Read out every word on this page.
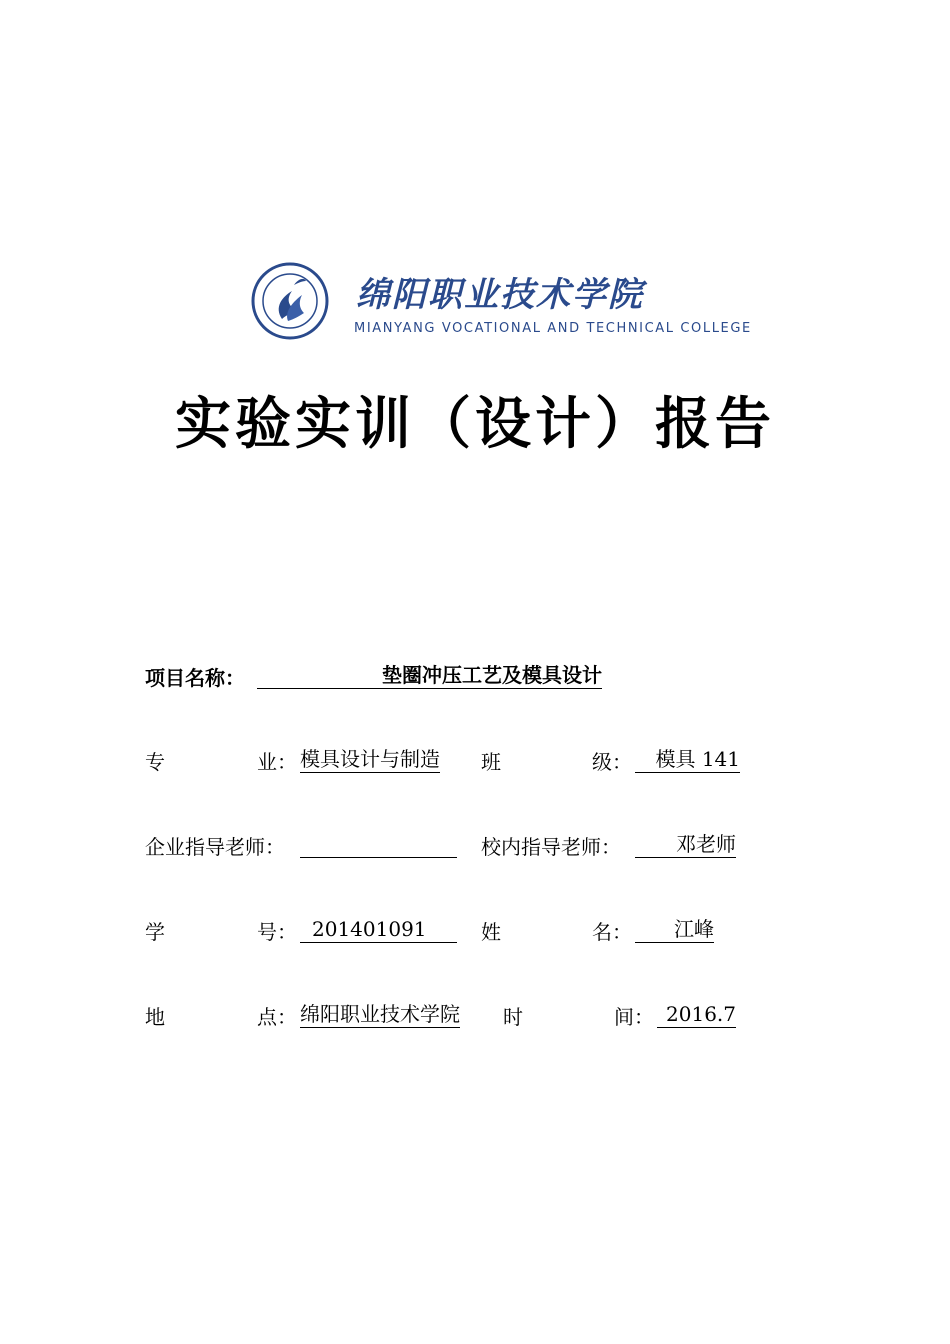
绵阳职业技术学院
MIANYANG VOCATIONAL AND TECHNICAL COLLEGE
实验实训（设计）报告
项目名称：	垫圈冲压工艺及模具设计
专	业： 模具设计与制造 班	级：	模具 141
企业指导老师：	校内指导老师：	邓老师
学	号： 201401091	姓	名：	江峰
地	点： 绵阳职业技术学院 时	间： 2016.7
